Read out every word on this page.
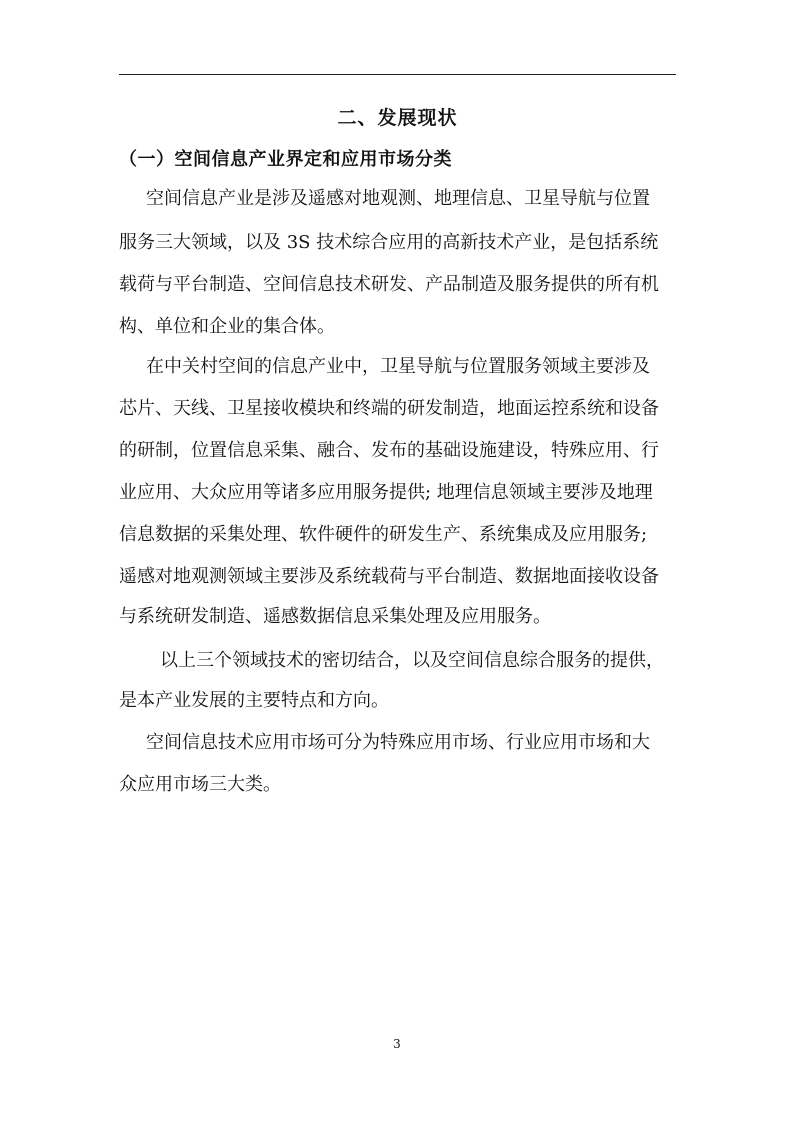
二、发展现状
（一）空间信息产业界定和应用市场分类
空间信息产业是涉及遥感对地观测、地理信息、卫星导航与位置
服务三大领域，以及 3S 技术综合应用的高新技术产业，是包括系统
载荷与平台制造、空间信息技术研发、产品制造及服务提供的所有机
构、单位和企业的集合体。
在中关村空间的信息产业中，卫星导航与位置服务领域主要涉及
芯片、天线、卫星接收模块和终端的研发制造，地面运控系统和设备
的研制，位置信息采集、融合、发布的基础设施建设，特殊应用、行
业应用、大众应用等诸多应用服务提供; 地理信息领域主要涉及地理
信息数据的采集处理、软件硬件的研发生产、系统集成及应用服务;
遥感对地观测领域主要涉及系统载荷与平台制造、数据地面接收设备
与系统研发制造、遥感数据信息采集处理及应用服务。
以上三个领域技术的密切结合，以及空间信息综合服务的提供，
是本产业发展的主要特点和方向。
空间信息技术应用市场可分为特殊应用市场、行业应用市场和大
众应用市场三大类。
3
